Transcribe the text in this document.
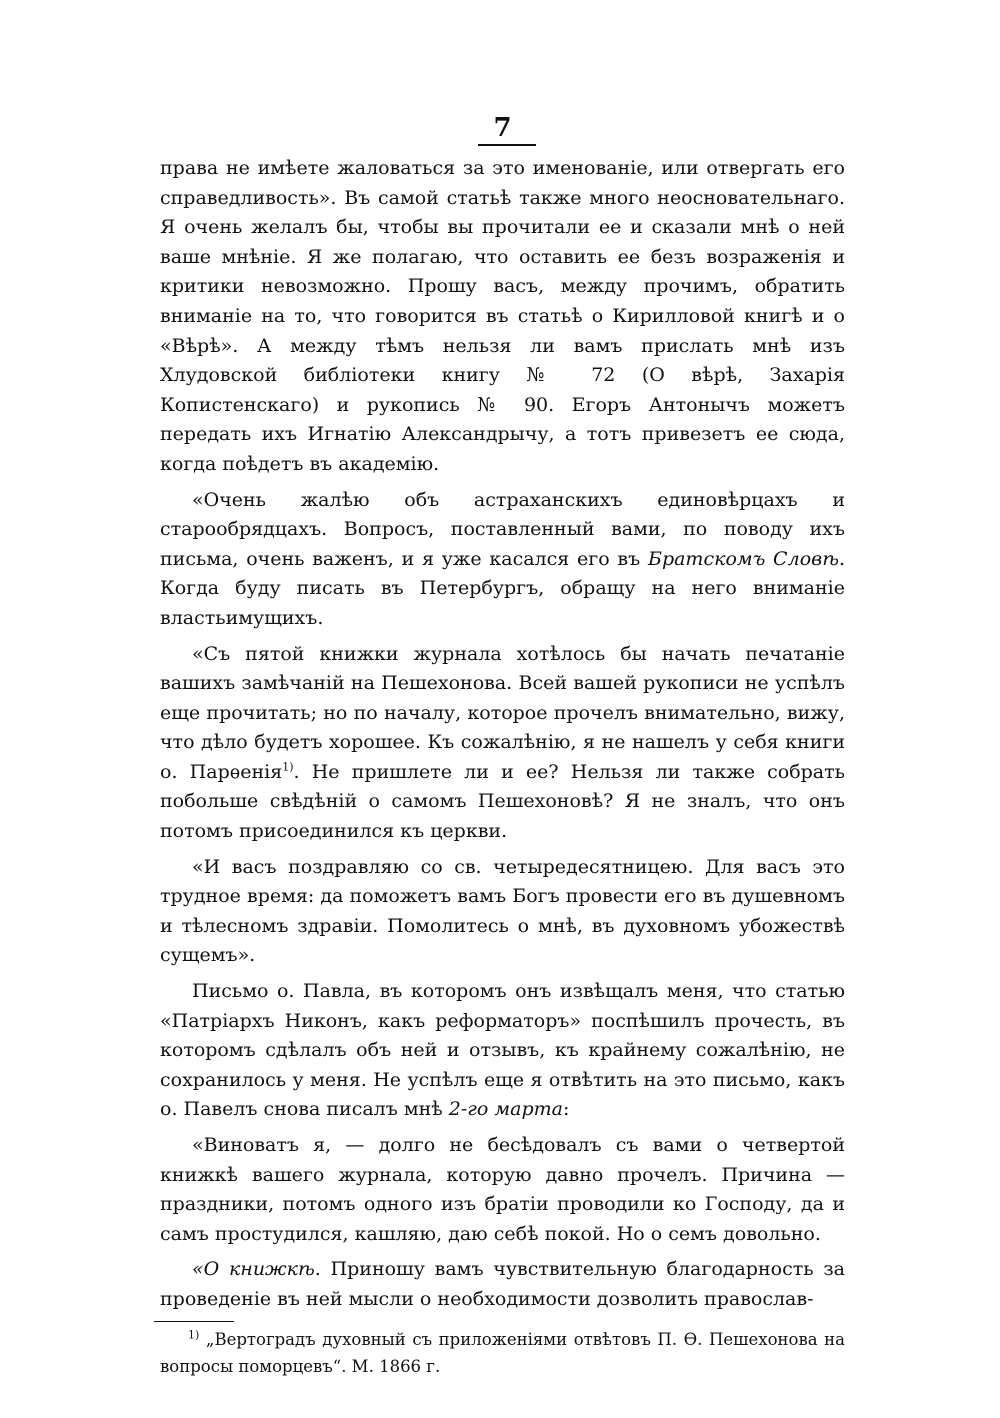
7

права не имѣете жаловаться за это именованіе, или отвергать его справедливость». Въ самой статьѣ также много неосновательнаго. Я очень желалъ бы, чтобы вы прочитали ее и сказали мнѣ о ней ваше мнѣніе. Я же полагаю, что оставить ее безъ возраженія и критики невозможно. Прошу васъ, между прочимъ, обратить вниманіе на то, что говорится въ статьѣ о Кирилловой книгѣ и о «Вѣрѣ». А между тѣмъ нельзя ли вамъ прислать мнѣ изъ Хлудовской библіотеки книгу № 72 (О вѣрѣ, Захарія Копистенскаго) и рукопись № 90. Егоръ Антонычъ можетъ передать ихъ Игнатію Александрычу, а тотъ привезетъ ее сюда, когда поѣдетъ въ академію.

«Очень жалѣю объ астраханскихъ единовѣрцахъ и старообрядцахъ. Вопросъ, поставленный вами, по поводу ихъ письма, очень важенъ, и я уже касался его въ Братскомъ Словѣ. Когда буду писать въ Петербургъ, обращу на него вниманіе властьимущихъ.

«Съ пятой книжки журнала хотѣлось бы начать печатаніе вашихъ замѣчаній на Пешехонова. Всей вашей рукописи не успѣлъ еще прочитать; но по началу, которое прочелъ внимательно, вижу, что дѣло будетъ хорошее. Къ сожалѣнію, я не нашелъ у себя книги о. Парѳенія$^{1)}$. Не пришлете ли и ее? Нельзя ли также собрать побольше свѣдѣній о самомъ Пешехоновѣ? Я не зналъ, что онъ потомъ присоединился къ церкви.

«И васъ поздравляю со св. четыредесятницею. Для васъ это трудное время: да поможетъ вамъ Богъ провести его въ душевномъ и тѣлесномъ здравіи. Помолитесь о мнѣ, въ духовномъ убожествѣ сущемъ».

Письмо о. Павла, въ которомъ онъ извѣщалъ меня, что статью «Патріархъ Никонъ, какъ реформаторъ» поспѣшилъ прочесть, въ которомъ сдѣлалъ объ ней и отзывъ, къ крайнему сожалѣнію, не сохранилось у меня. Не успѣлъ еще я отвѣтить на это письмо, какъ о. Павелъ снова писалъ мнѣ 2-го марта:

«Виноватъ я, — долго не бесѣдовалъ съ вами о четвертой книжкѣ вашего журнала, которую давно прочелъ. Причина — праздники, потомъ одного изъ братіи проводили ко Господу, да и самъ простудился, кашляю, даю себѣ покой. Но о семъ довольно.

«О книжкѣ. Приношу вамъ чувствительную благодарность за проведеніе въ ней мысли о необходимости дозволить православ-

$^{1)}$ „Вертоградъ духовный съ приложеніями отвѣтовъ П. Ѳ. Пешехонова на вопросы поморцевъ“. М. 1866 г.
